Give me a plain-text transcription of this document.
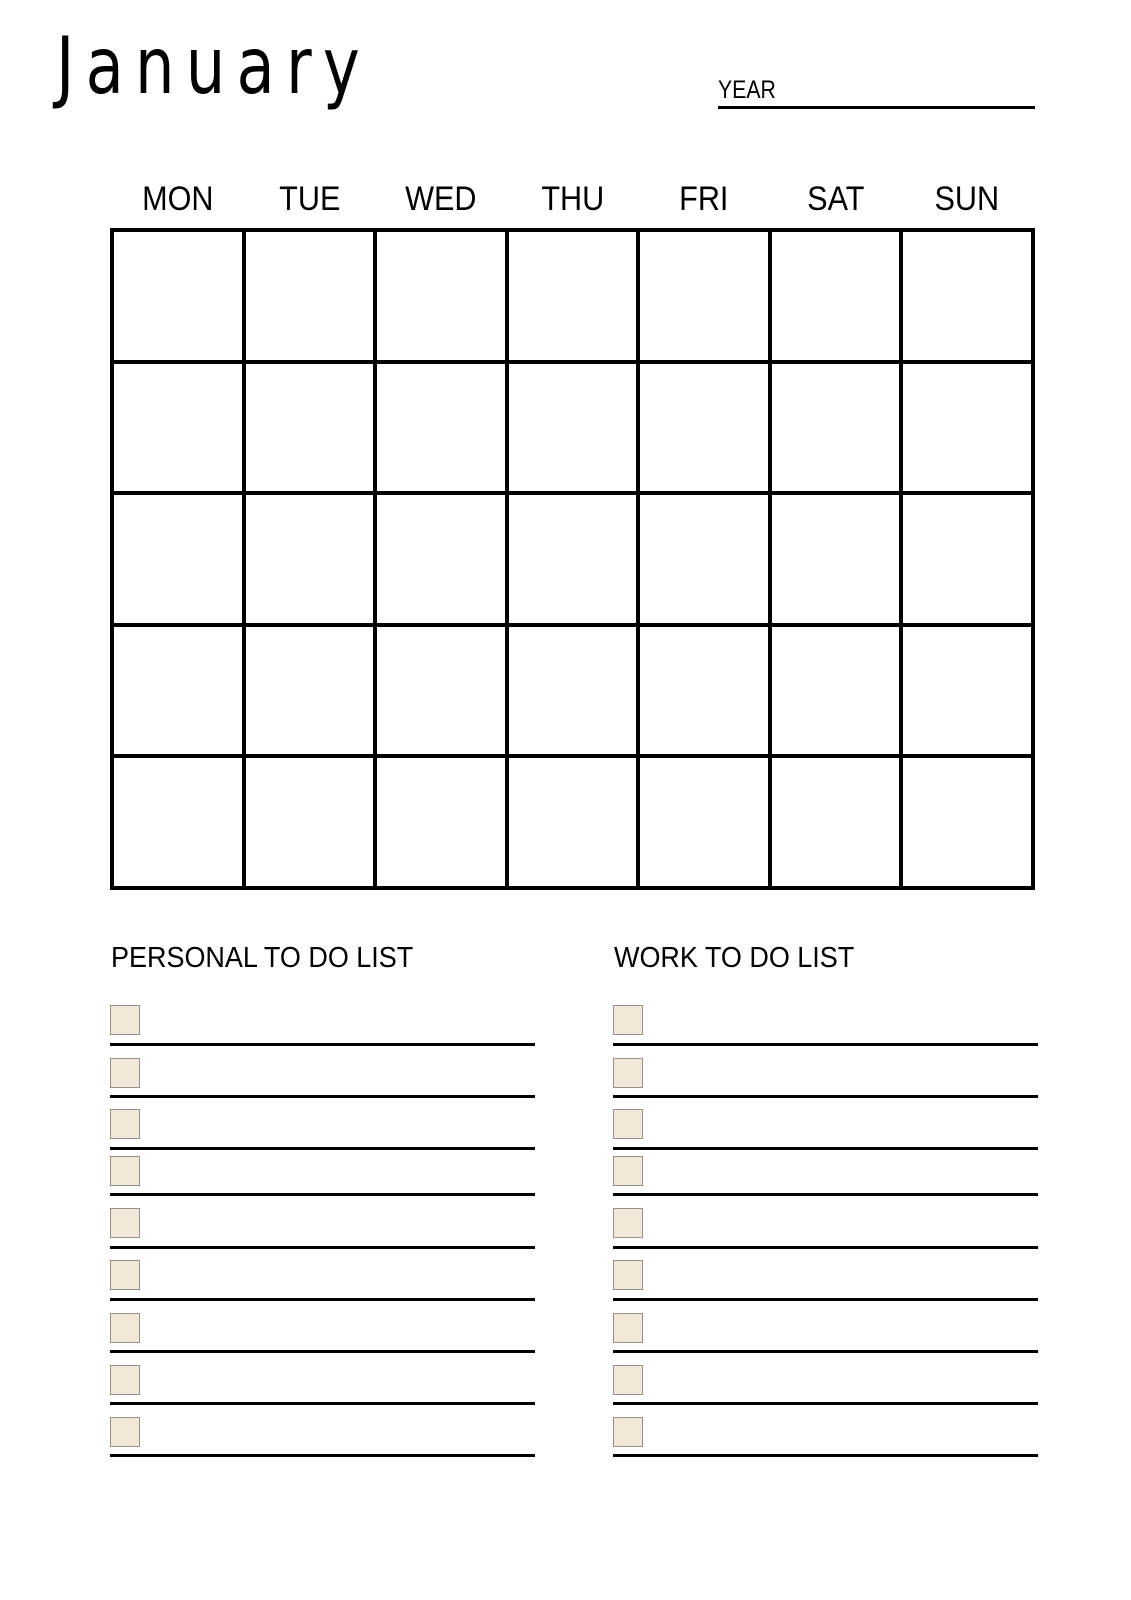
January	YEAR
MON	TUE	WED	THU	FRI	SAT	SUN
PERSONAL TO DO LIST	WORK TO DO LIST
